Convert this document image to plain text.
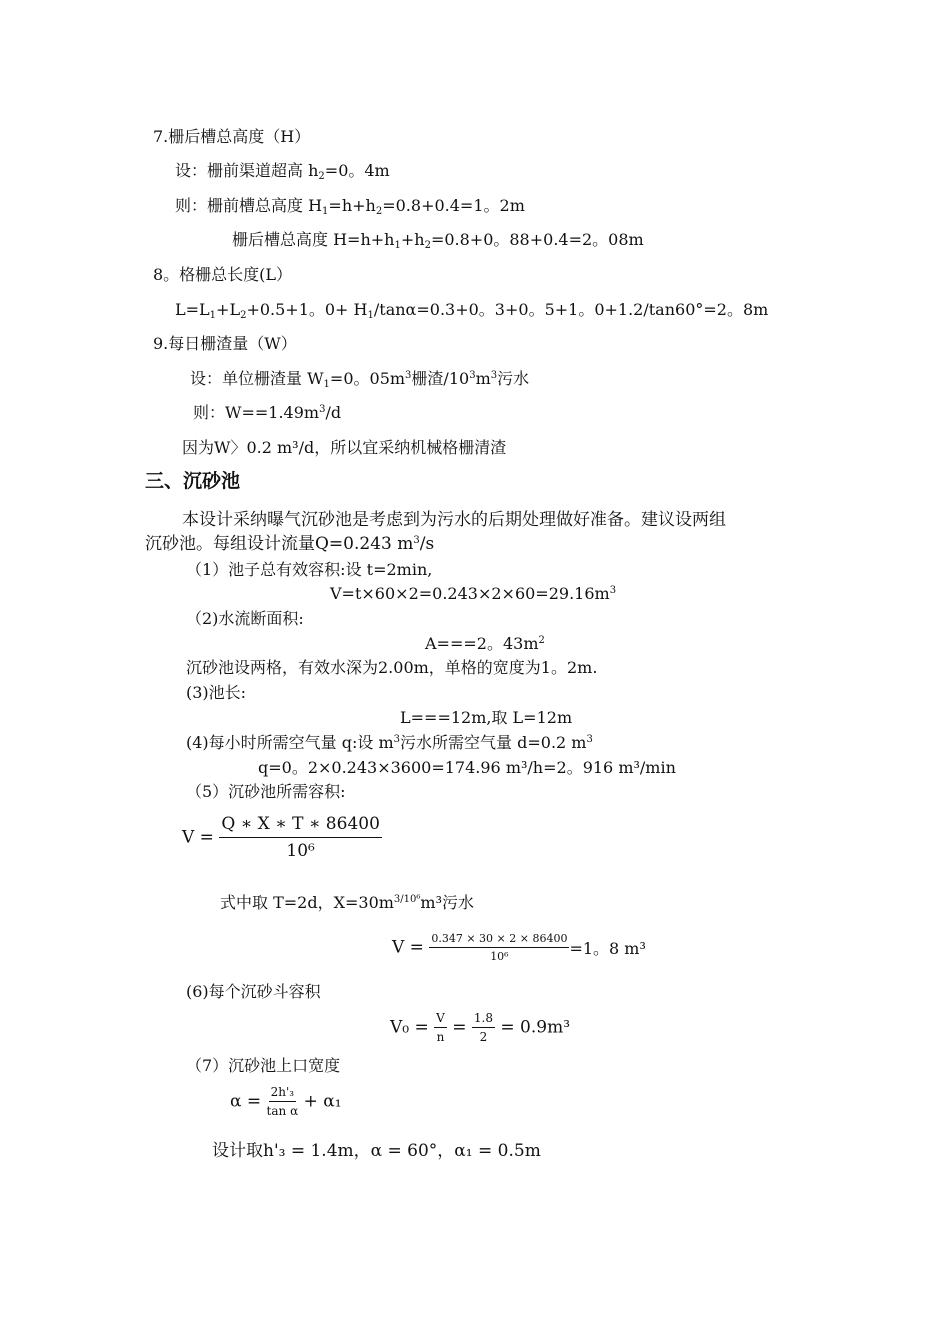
7.栅后槽总高度（H）
设：栅前渠道超高 $h_2=0$。4m
则：栅前槽总高度 $H_1=h+h_2=0.8+0.4=1$。2m
栅后槽总高度 $H=h+h_1+h_2=0.8+0$。88+0.4=2。08m
8。格栅总长度(L）
$L=L_1+L_2+0.5+1$。$0+ H_1/\tan\alpha=0.3+0$。3+0。5+1。0+1.2/tan60°=2。8m
9.每日栅渣量（W）
设：单位栅渣量 $W_1=0$。$05m^3$栅渣$/10^3m^3$污水
则：$W==1.49m^3/d$
因为W〉0.2 m³/d，所以宜采纳机械格栅清渣
三、沉砂池
本设计采纳曝气沉砂池是考虑到为污水的后期处理做好准备。建议设两组
沉砂池。每组设计流量Q=0.243 $m^3/s$
（1）池子总有效容积:设 t=2min,
$V=t\times 60\times 2=0.243\times 2\times 60=29.16m^3$
（2)水流断面积:
A===2。$43m^2$
沉砂池设两格，有效水深为2.00m，单格的宽度为1。2m.
(3)池长:
L===12m,取 L=12m
(4)每小时所需空气量 q:设 $m^3$污水所需空气量 d=0.2 $m^3$
q=0。2×0.243×3600=174.96 m³/h=2。916 m³/min
（5）沉砂池所需容积:
$V = \frac{Q ∗ X ∗ T ∗ 86400}{\text{10⁶}}$
式中取 T=2d，$X=30m^{3/10^6}m^3$污水
$V = \frac{0.347 \times 30 \times 2 \times 86400}{\text{10⁶}} =1$。8 m³
(6)每个沉砂斗容积
$V_0 = \frac{V}{n} = \frac{1.8}{2} = 0.9m^3$
（7）沉砂池上口宽度
$\alpha = \frac{\text{2h'₃}}{\text{tan α}} + \alpha_1$
设计取h'₃ = 1.4m，α = 60°，α₁ = 0.5m
